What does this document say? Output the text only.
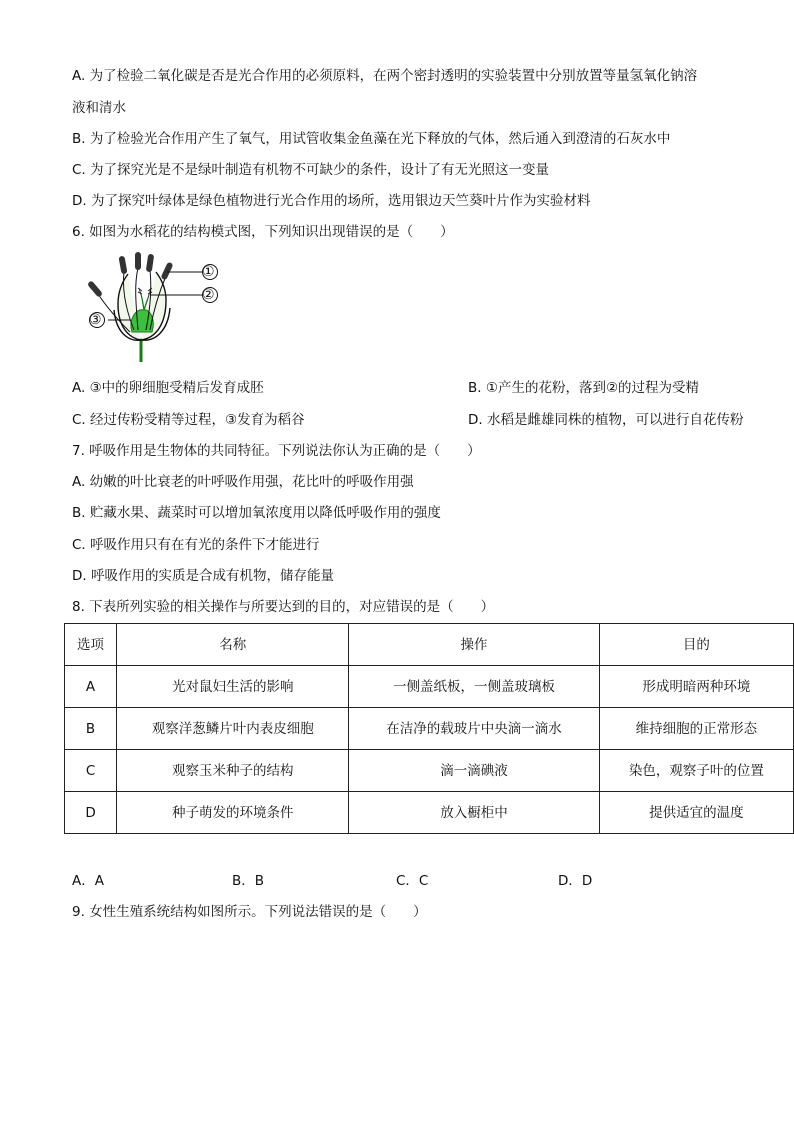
A. 为了检验二氧化碳是否是光合作用的必须原料，在两个密封透明的实验装置中分别放置等量氢氧化钠溶
液和清水
B. 为了检验光合作用产生了氧气，用试管收集金鱼藻在光下释放的气体，然后通入到澄清的石灰水中
C. 为了探究光是不是绿叶制造有机物不可缺少的条件，设计了有无光照这一变量
D. 为了探究叶绿体是绿色植物进行光合作用的场所，选用银边天竺葵叶片作为实验材料
6. 如图为水稻花的结构模式图，下列知识出现错误的是（　　）
①
②
③
A. ③中的卵细胞受精后发育成胚	B. ①产生的花粉，落到②的过程为受精
C. 经过传粉受精等过程，③发育为稻谷	D. 水稻是雌雄同株的植物，可以进行自花传粉
7. 呼吸作用是生物体的共同特征。下列说法你认为正确的是（　　）
A. 幼嫩的叶比衰老的叶呼吸作用强，花比叶的呼吸作用强
B. 贮藏水果、蔬菜时可以增加氧浓度用以降低呼吸作用的强度
C. 呼吸作用只有在有光的条件下才能进行
D. 呼吸作用的实质是合成有机物，储存能量
8. 下表所列实验的相关操作与所要达到的目的，对应错误的是（　　）
选项	名称	操作	目的
A	光对鼠妇生活的影响	一侧盖纸板，一侧盖玻璃板	形成明暗两种环境
B	观察洋葱鳞片叶内表皮细胞	在洁净的载玻片中央滴一滴水	维持细胞的正常形态
C	观察玉米种子的结构	滴一滴碘液	染色，观察子叶的位置
D	种子萌发的环境条件	放入橱柜中	提供适宜的温度
A．A	B．B	C．C	D．D
9. 女性生殖系统结构如图所示。下列说法错误的是（　　）
